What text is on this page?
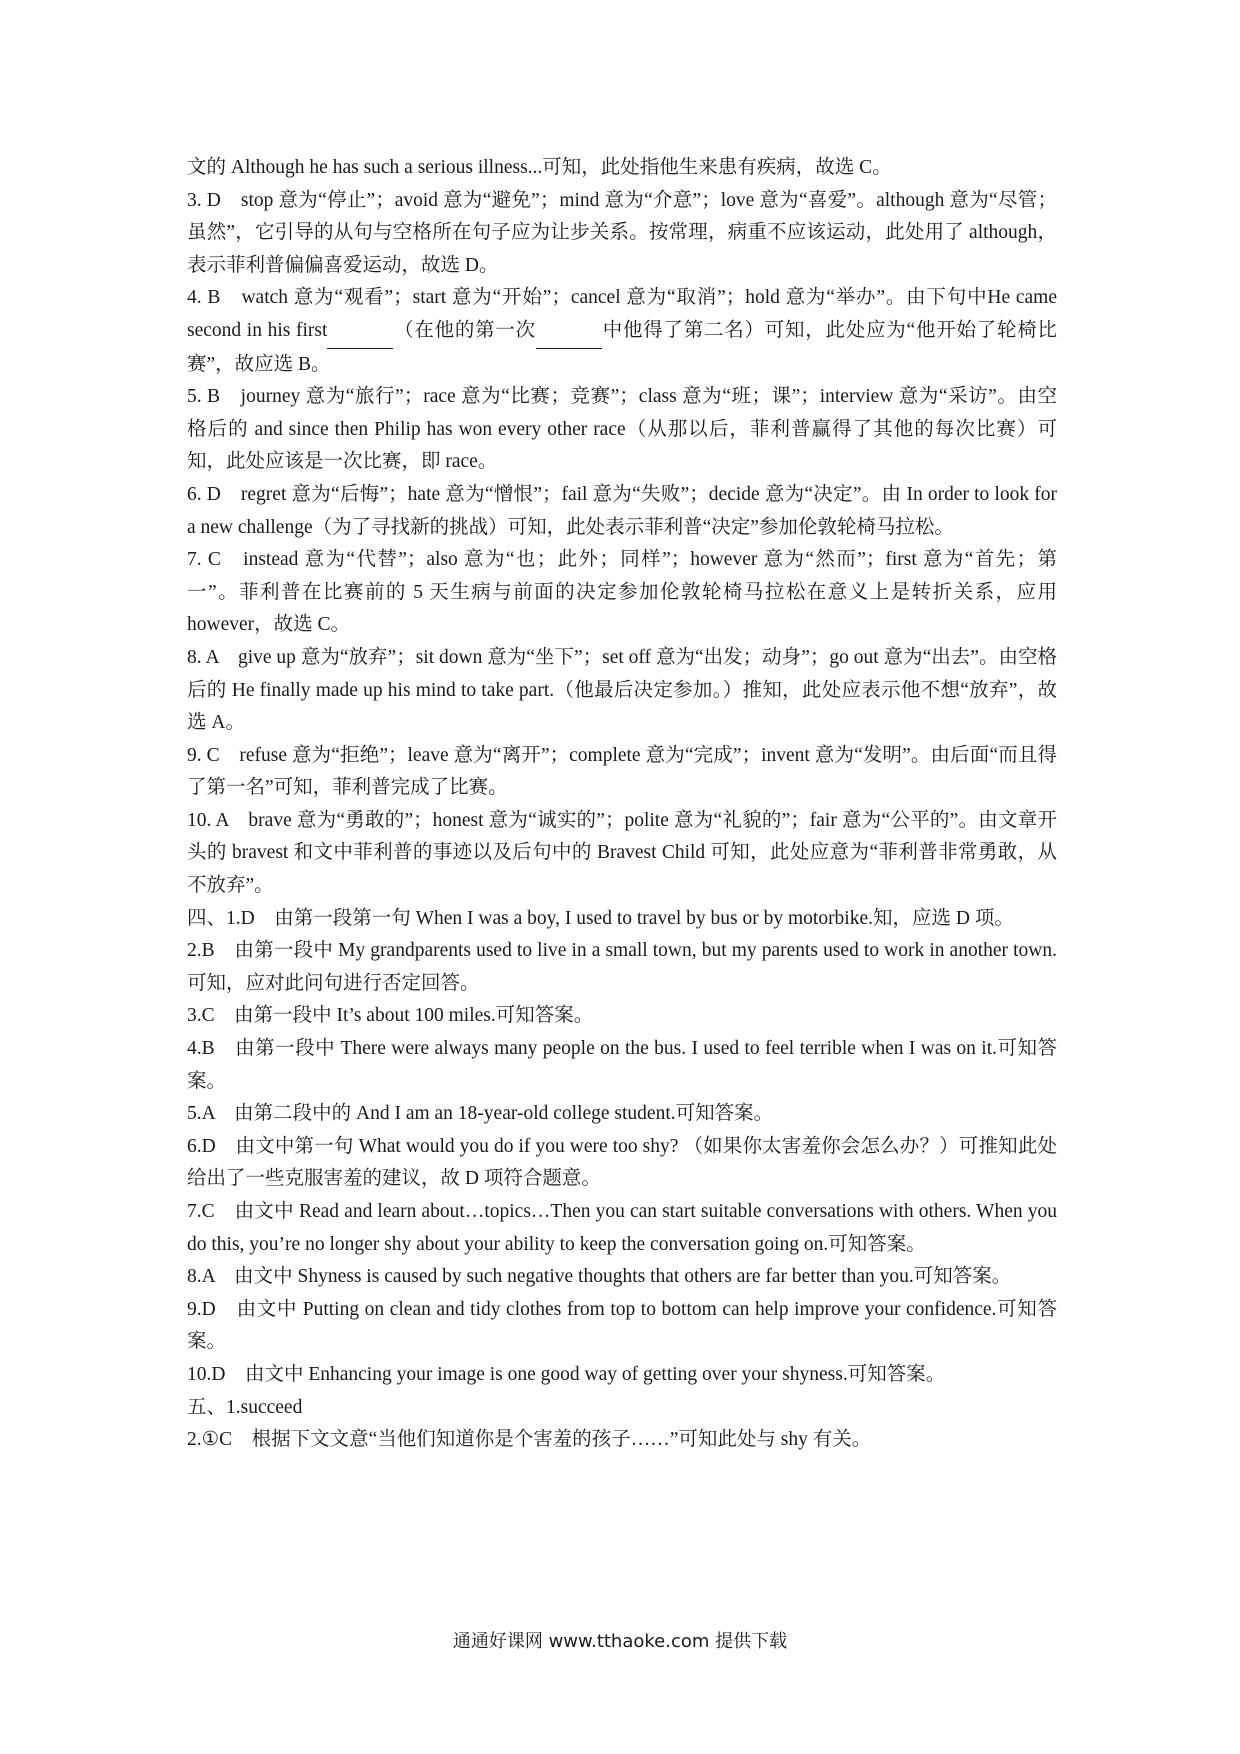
文的 Although he has such a serious illness...可知，此处指他生来患有疾病，故选 C。

3. D　stop 意为“停止”；avoid 意为“避免”；mind 意为“介意”；love 意为“喜爱”。although 意为“尽管；虽然”，它引导的从句与空格所在句子应为让步关系。按常理，病重不应该运动，此处用了 although，表示菲利普偏偏喜爱运动，故选 D。

4. B　watch 意为“观看”；start 意为“开始”；cancel 意为“取消”；hold 意为“举办”。由下句中He came second in his first	（在他的第一次	中他得了第二名）可知，此处应为“他开始了轮椅比赛”，故应选 B。

5. B　journey 意为“旅行”；race 意为“比赛；竞赛”；class 意为“班；课”；interview 意为“采访”。由空格后的 and since then Philip has won every other race（从那以后，菲利普赢得了其他的每次比赛）可知，此处应该是一次比赛，即 race。

6. D　regret 意为“后悔”；hate 意为“憎恨”；fail 意为“失败”；decide 意为“决定”。由 In order to look for a new challenge（为了寻找新的挑战）可知，此处表示菲利普“决定”参加伦敦轮椅马拉松。

7. C　instead 意为“代替”；also 意为“也；此外；同样”；however 意为“然而”；first 意为“首先；第一”。菲利普在比赛前的 5 天生病与前面的决定参加伦敦轮椅马拉松在意义上是转折关系，应用 however，故选 C。

8. A　give up 意为“放弃”；sit down 意为“坐下”；set off 意为“出发；动身”；go out 意为“出去”。由空格后的 He finally made up his mind to take part.（他最后决定参加。）推知，此处应表示他不想“放弃”，故选 A。

9. C　refuse 意为“拒绝”；leave 意为“离开”；complete 意为“完成”；invent 意为“发明”。由后面“而且得了第一名”可知，菲利普完成了比赛。

10. A　brave 意为“勇敢的”；honest 意为“诚实的”；polite 意为“礼貌的”；fair 意为“公平的”。由文章开头的 bravest 和文中菲利普的事迹以及后句中的 Bravest Child 可知，此处应意为“菲利普非常勇敢，从不放弃”。

四、1.D　由第一段第一句 When I was a boy, I used to travel by bus or by motorbike.知，应选 D 项。

2.B　由第一段中 My grandparents used to live in a small town, but my parents used to work in another town.可知，应对此问句进行否定回答。

3.C　由第一段中 It’s about 100 miles.可知答案。

4.B　由第一段中 There were always many people on the bus. I used to feel terrible when I was on it.可知答案。

5.A　由第二段中的 And I am an 18-year-old college student.可知答案。

6.D　由文中第一句 What would you do if you were too shy? （如果你太害羞你会怎么办？）可推知此处给出了一些克服害羞的建议，故 D 项符合题意。

7.C　由文中 Read and learn about…topics…Then you can start suitable conversations with others. When you do this, you’re no longer shy about your ability to keep the conversation going on.可知答案。

8.A　由文中 Shyness is caused by such negative thoughts that others are far better than you.可知答案。

9.D　由文中 Putting on clean and tidy clothes from top to bottom can help improve your confidence.可知答案。

10.D　由文中 Enhancing your image is one good way of getting over your shyness.可知答案。

五、1.succeed

2.①C　根据下文文意“当他们知道你是个害羞的孩子……”可知此处与 shy 有关。

通通好课网 www.tthaoke.com 提供下载
